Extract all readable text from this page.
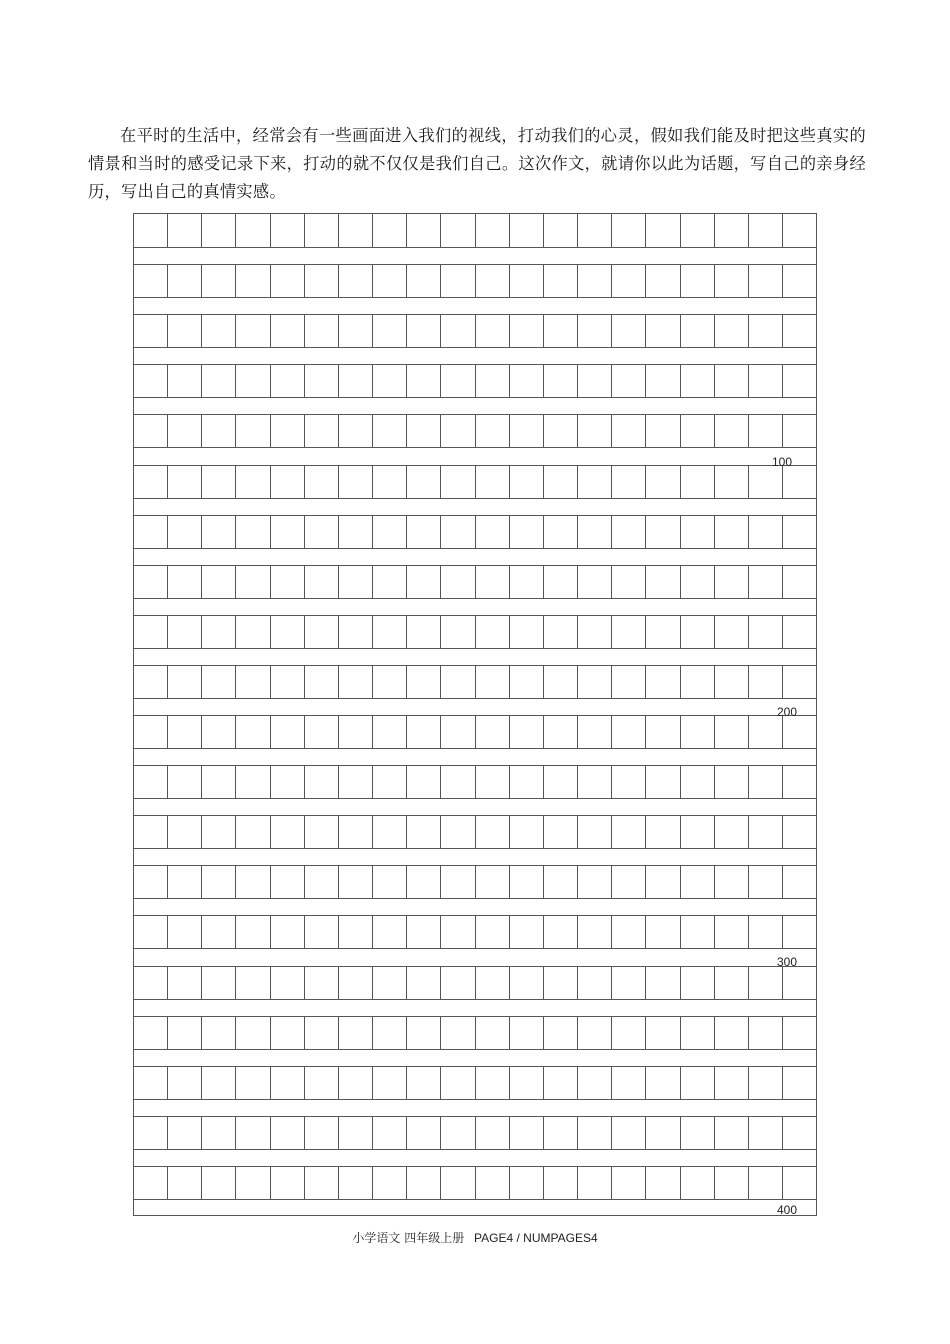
在平时的生活中，经常会有一些画面进入我们的视线，打动我们的心灵，假如我们能及时把这些真实的情景和当时的感受记录下来，打动的就不仅仅是我们自己。这次作文，就请你以此为话题，写自己的亲身经历，写出自己的真情实感。

100
200
300
400
小学语文 四年级上册 PAGE4 / NUMPAGES4
